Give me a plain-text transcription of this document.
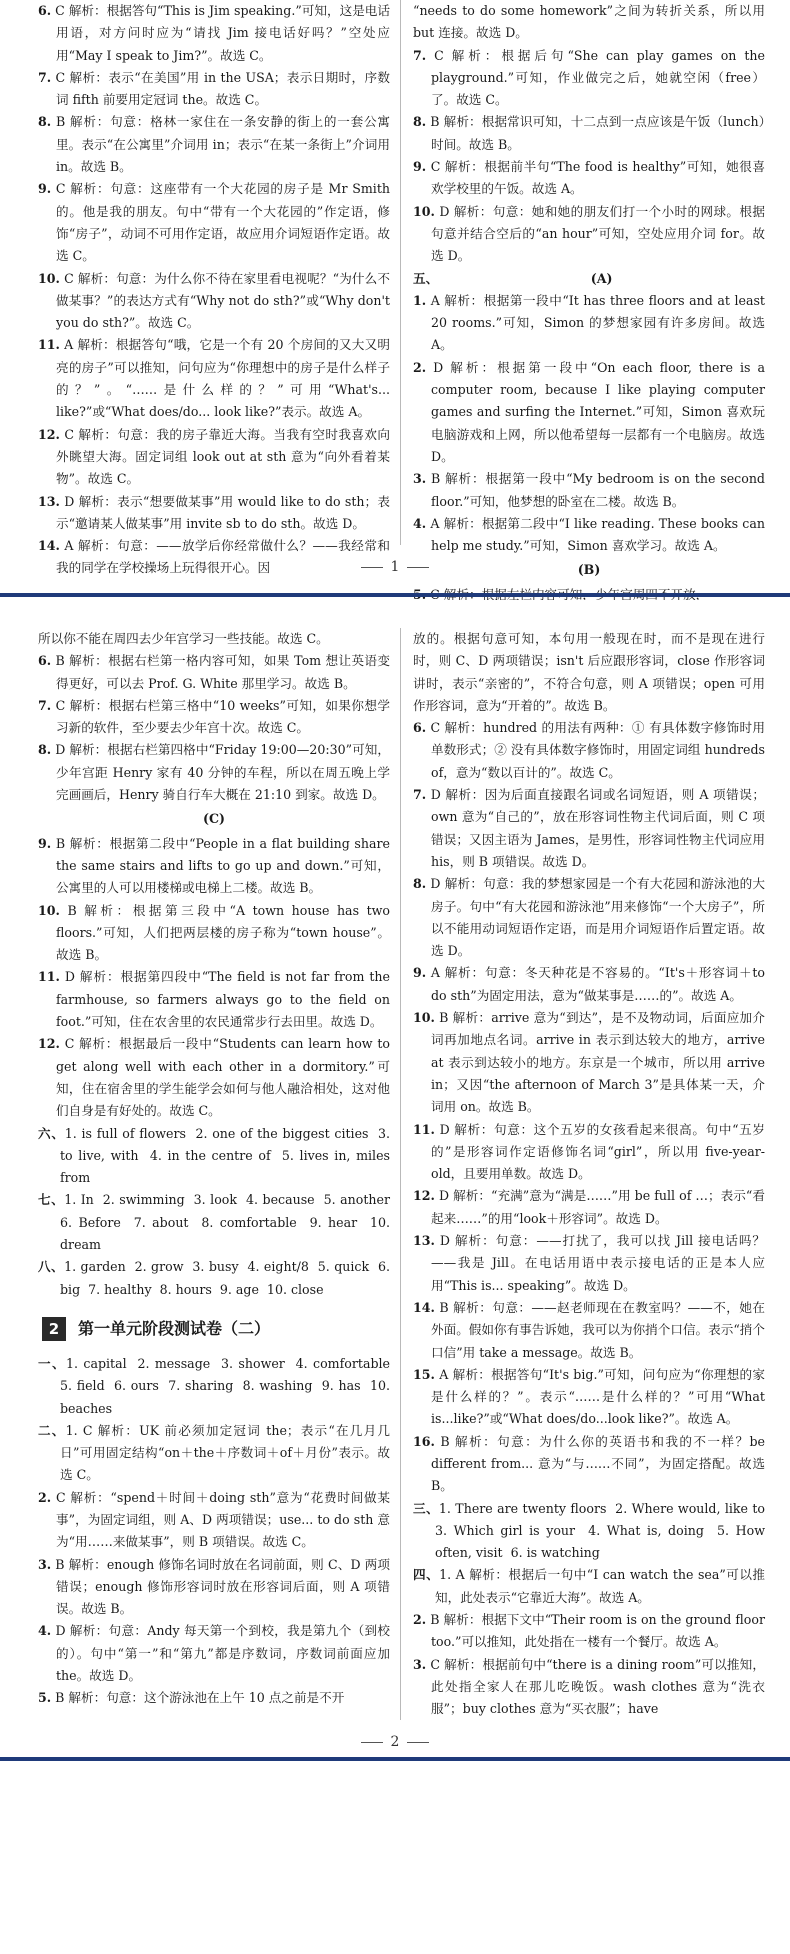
6. C 解析：根据答句“This is Jim speaking.”可知，这是电话用语，对方问时应为“请找 Jim 接电话好吗？”空处应用“May I speak to Jim?”。故选 C。

7. C 解析：表示“在美国”用 in the USA；表示日期时，序数词 fifth 前要用定冠词 the。故选 C。

8. B 解析：句意：格林一家住在一条安静的街上的一套公寓里。表示“在公寓里”介词用 in；表示“在某一条街上”介词用 in。故选 B。

9. C 解析：句意：这座带有一个大花园的房子是 Mr Smith 的。他是我的朋友。句中“带有一个大花园的”作定语，修饰“房子”，动词不可用作定语，故应用介词短语作定语。故选 C。

10. C 解析：句意：为什么你不待在家里看电视呢？“为什么不做某事？”的表达方式有“Why not do sth?”或“Why don't you do sth?”。故选 C。

11. A 解析：根据答句“哦，它是一个有 20 个房间的又大又明亮的房子”可以推知，问句应为“你理想中的房子是什么样子的？”。“……是什么样的？”可用“What's... like?”或“What does/do... look like?”表示。故选 A。

12. C 解析：句意：我的房子靠近大海。当我有空时我喜欢向外眺望大海。固定词组 look out at sth 意为“向外看着某物”。故选 C。

13. D 解析：表示“想要做某事”用 would like to do sth；表示“邀请某人做某事”用 invite sb to do sth。故选 D。

14. A 解析：句意：——放学后你经常做什么？——我经常和我的同学在学校操场上玩得很开心。因

“needs to do some homework”之间为转折关系，所以用 but 连接。故选 D。

7. C 解析：根据后句“She can play games on the playground.”可知，作业做完之后，她就空闲（free）了。故选 C。

8. B 解析：根据常识可知，十二点到一点应该是午饭（lunch）时间。故选 B。

9. C 解析：根据前半句“The food is healthy”可知，她很喜欢学校里的午饭。故选 A。

10. D 解析：句意：她和她的朋友们打一个小时的网球。根据句意并结合空后的“an hour”可知，空处应用介词 for。故选 D。

五、	(A)

1. A 解析：根据第一段中“It has three floors and at least 20 rooms.”可知，Simon 的梦想家园有许多房间。故选 A。

2. D 解析：根据第一段中“On each floor, there is a computer room, because I like playing computer games and surfing the Internet.”可知，Simon 喜欢玩电脑游戏和上网，所以他希望每一层都有一个电脑房。故选 D。

3. B 解析：根据第一段中“My bedroom is on the second floor.”可知，他梦想的卧室在二楼。故选 B。

4. A 解析：根据第二段中“I like reading. These books can help me study.”可知，Simon 喜欢学习。故选 A。

(B)

1

所以你不能在周四去少年宫学习一些技能。故选 C。

6. B 解析：根据右栏第一格内容可知，如果 Tom 想让英语变得更好，可以去 Prof. G. White 那里学习。故选 B。

7. C 解析：根据右栏第三格中“10 weeks”可知，如果你想学习新的软件，至少要去少年宫十次。故选 C。

8. D 解析：根据右栏第四格中“Friday 19:00—20:30”可知，少年宫距 Henry 家有 40 分钟的车程，所以在周五晚上学完画画后，Henry 骑自行车大概在 21:10 到家。故选 D。

(C)

9. B 解析：根据第二段中“People in a flat building share the same stairs and lifts to go up and down.”可知，公寓里的人可以用楼梯或电梯上二楼。故选 B。

10. B 解析：根据第三段中“A town house has two floors.”可知，人们把两层楼的房子称为“town house”。故选 B。

11. D 解析：根据第四段中“The field is not far from the farmhouse, so farmers always go to the field on foot.”可知，住在农舍里的农民通常步行去田里。故选 D。

12. C 解析：根据最后一段中“Students can learn how to get along well with each other in a dormitory.”可知，住在宿舍里的学生能学会如何与他人融洽相处，这对他们自身是有好处的。故选 C。

六、1. is full of flowers  2. one of the biggest cities  3. to live, with  4. in the centre of  5. lives in, miles from

七、1. In  2. swimming  3. look  4. because  5. another  6. Before  7. about  8. comfortable  9. hear  10. dream

八、1. garden  2. grow  3. busy  4. eight/8  5. quick  6. big  7. healthy  8. hours  9. age  10. close

2	第一单元阶段测试卷（二）

一、1. capital  2. message  3. shower  4. comfortable  5. field  6. ours  7. sharing  8. washing  9. has  10. beaches

二、1. C 解析：UK 前必须加定冠词 the；表示“在几月几日”可用固定结构“on＋the＋序数词＋of＋月份”表示。故选 C。

2. C 解析：“spend＋时间＋doing sth”意为“花费时间做某事”，为固定词组，则 A、D 两项错误；use... to do sth 意为“用……来做某事”，则 B 项错误。故选 C。

3. B 解析：enough 修饰名词时放在名词前面，则 C、D 两项错误；enough 修饰形容词时放在形容词后面，则 A 项错误。故选 B。

4. D 解析：句意：Andy 每天第一个到校，我是第九个（到校的）。句中“第一”和“第九”都是序数词，序数词前面应加 the。故选 D。

5. B 解析：句意：这个游泳池在上午 10 点之前是不开

放的。根据句意可知，本句用一般现在时，而不是现在进行时，则 C、D 两项错误；isn't 后应跟形容词，close 作形容词讲时，表示“亲密的”，不符合句意，则 A 项错误；open 可用作形容词，意为“开着的”。故选 B。

6. C 解析：hundred 的用法有两种：① 有具体数字修饰时用单数形式；② 没有具体数字修饰时，用固定词组 hundreds of，意为“数以百计的”。故选 C。

7. D 解析：因为后面直接跟名词或名词短语，则 A 项错误；own 意为“自己的”，放在形容词性物主代词后面，则 C 项错误；又因主语为 James，是男性，形容词性物主代词应用 his，则 B 项错误。故选 D。

8. D 解析：句意：我的梦想家园是一个有大花园和游泳池的大房子。句中“有大花园和游泳池”用来修饰“一个大房子”，所以不能用动词短语作定语，而是用介词短语作后置定语。故选 D。

9. A 解析：句意：冬天种花是不容易的。“It's＋形容词＋to do sth”为固定用法，意为“做某事是……的”。故选 A。

10. B 解析：arrive 意为“到达”，是不及物动词，后面应加介词再加地点名词。arrive in 表示到达较大的地方，arrive at 表示到达较小的地方。东京是一个城市，所以用 arrive in；又因“the afternoon of March 3”是具体某一天，介词用 on。故选 B。

11. D 解析：句意：这个五岁的女孩看起来很高。句中“五岁的”是形容词作定语修饰名词“girl”，所以用 five-year-old，且要用单数。故选 D。

12. D 解析：“充满”意为“满是……”用 be full of …；表示“看起来……”的用“look＋形容词”。故选 D。

13. D 解析：句意：——打扰了，我可以找 Jill 接电话吗？——我是 Jill。在电话用语中表示接电话的正是本人应用“This is... speaking”。故选 D。

14. B 解析：句意：——赵老师现在在教室吗？——不，她在外面。假如你有事告诉她，我可以为你捎个口信。表示“捎个口信”用 take a message。故选 B。

15. A 解析：根据答句“It's big.”可知，问句应为“你理想的家是什么样的？”。表示“……是什么样的？”可用“What is...like?”或“What does/do...look like?”。故选 A。

16. B 解析：句意：为什么你的英语书和我的不一样？be different from... 意为“与……不同”，为固定搭配。故选 B。

三、1. There are twenty floors  2. Where would, like to  3. Which girl is your  4. What is, doing  5. How often, visit  6. is watching

四、1. A 解析：根据后一句中“I can watch the sea”可以推知，此处表示“它靠近大海”。故选 A。

2. B 解析：根据下文中“Their room is on the ground floor too.”可以推知，此处指在一楼有一个餐厅。故选 A。

3. C 解析：根据前句中“there is a dining room”可以推知，此处指全家人在那儿吃晚饭。wash clothes 意为“洗衣服”；buy clothes 意为“买衣服”；have

2
